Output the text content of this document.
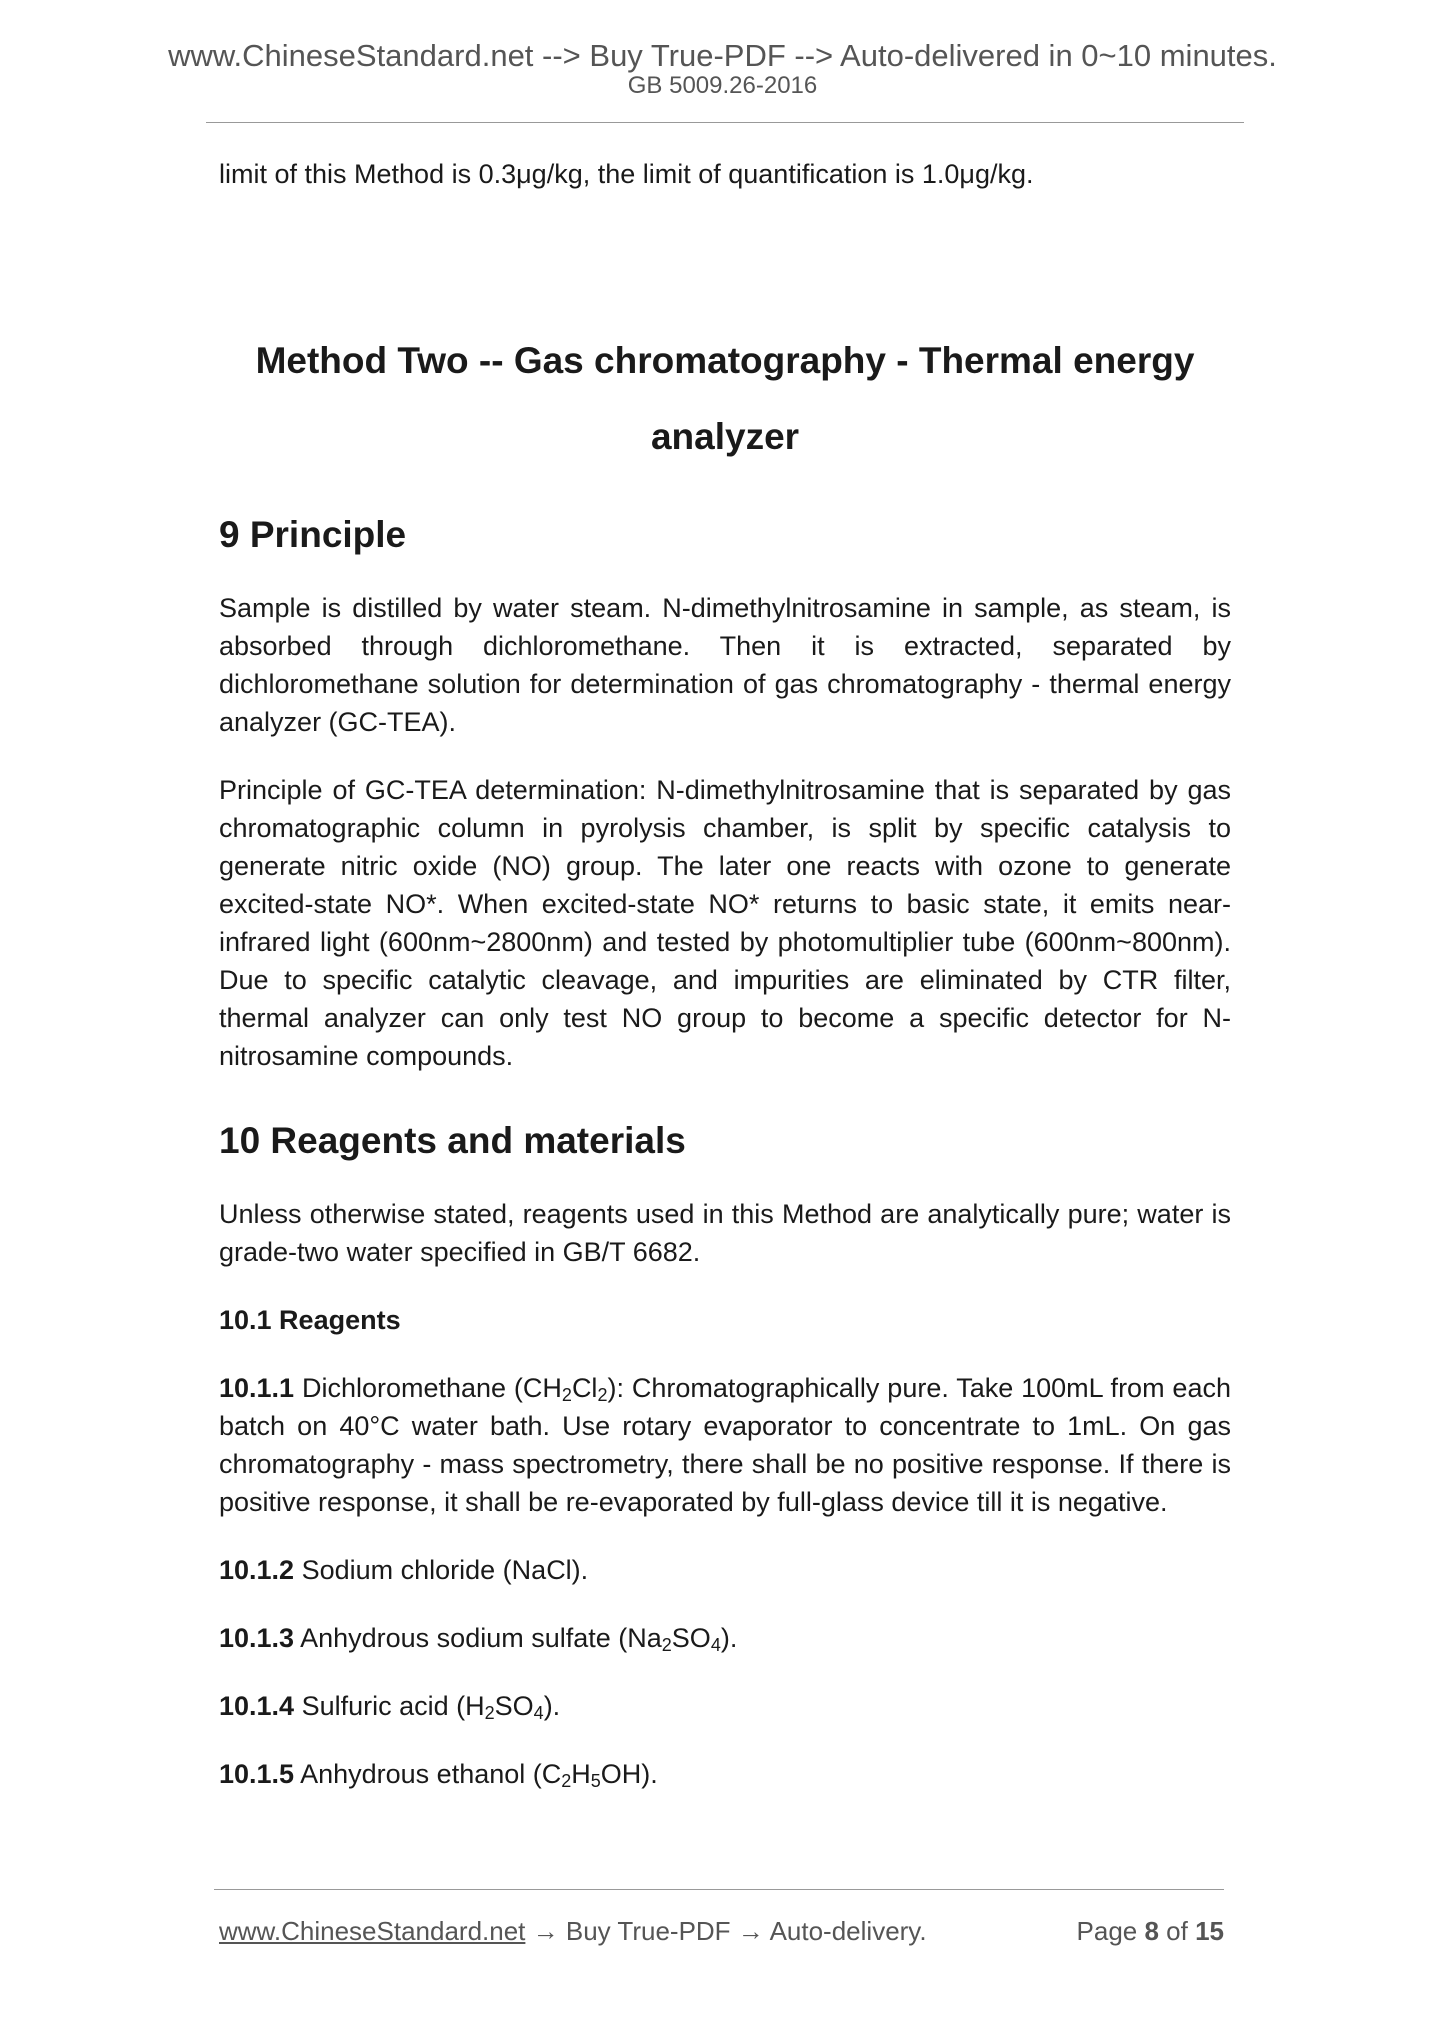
www.ChineseStandard.net --> Buy True-PDF --> Auto-delivered in 0~10 minutes.
GB 5009.26-2016

limit of this Method is 0.3μg/kg, the limit of quantification is 1.0μg/kg.

Method Two -- Gas chromatography - Thermal energy

analyzer

9 Principle

Sample is distilled by water steam. N-dimethylnitrosamine in sample, as steam, is absorbed through dichloromethane. Then it is extracted, separated by dichloromethane solution for determination of gas chromatography - thermal energy analyzer (GC-TEA).

Principle of GC-TEA determination: N-dimethylnitrosamine that is separated by gas chromatographic column in pyrolysis chamber, is split by specific catalysis to generate nitric oxide (NO) group. The later one reacts with ozone to generate excited-state NO*. When excited-state NO* returns to basic state, it emits near-infrared light (600nm~2800nm) and tested by photomultiplier tube (600nm~800nm). Due to specific catalytic cleavage, and impurities are eliminated by CTR filter, thermal analyzer can only test NO group to become a specific detector for N-nitrosamine compounds.

10 Reagents and materials

Unless otherwise stated, reagents used in this Method are analytically pure; water is grade-two water specified in GB/T 6682.

10.1 Reagents

10.1.1 Dichloromethane $(CH_2Cl_2)$: Chromatographically pure. Take 100mL from each batch on 40°C water bath. Use rotary evaporator to concentrate to 1mL. On gas chromatography - mass spectrometry, there shall be no positive response. If there is positive response, it shall be re-evaporated by full-glass device till it is negative.

10.1.2 Sodium chloride (NaCl).

10.1.3 Anhydrous sodium sulfate $(Na_2SO_4)$.

10.1.4 Sulfuric acid $(H_2SO_4)$.

10.1.5 Anhydrous ethanol $(C_2H_5OH)$.

www.ChineseStandard.net → Buy True-PDF → Auto-delivery.	Page 8 of 15
